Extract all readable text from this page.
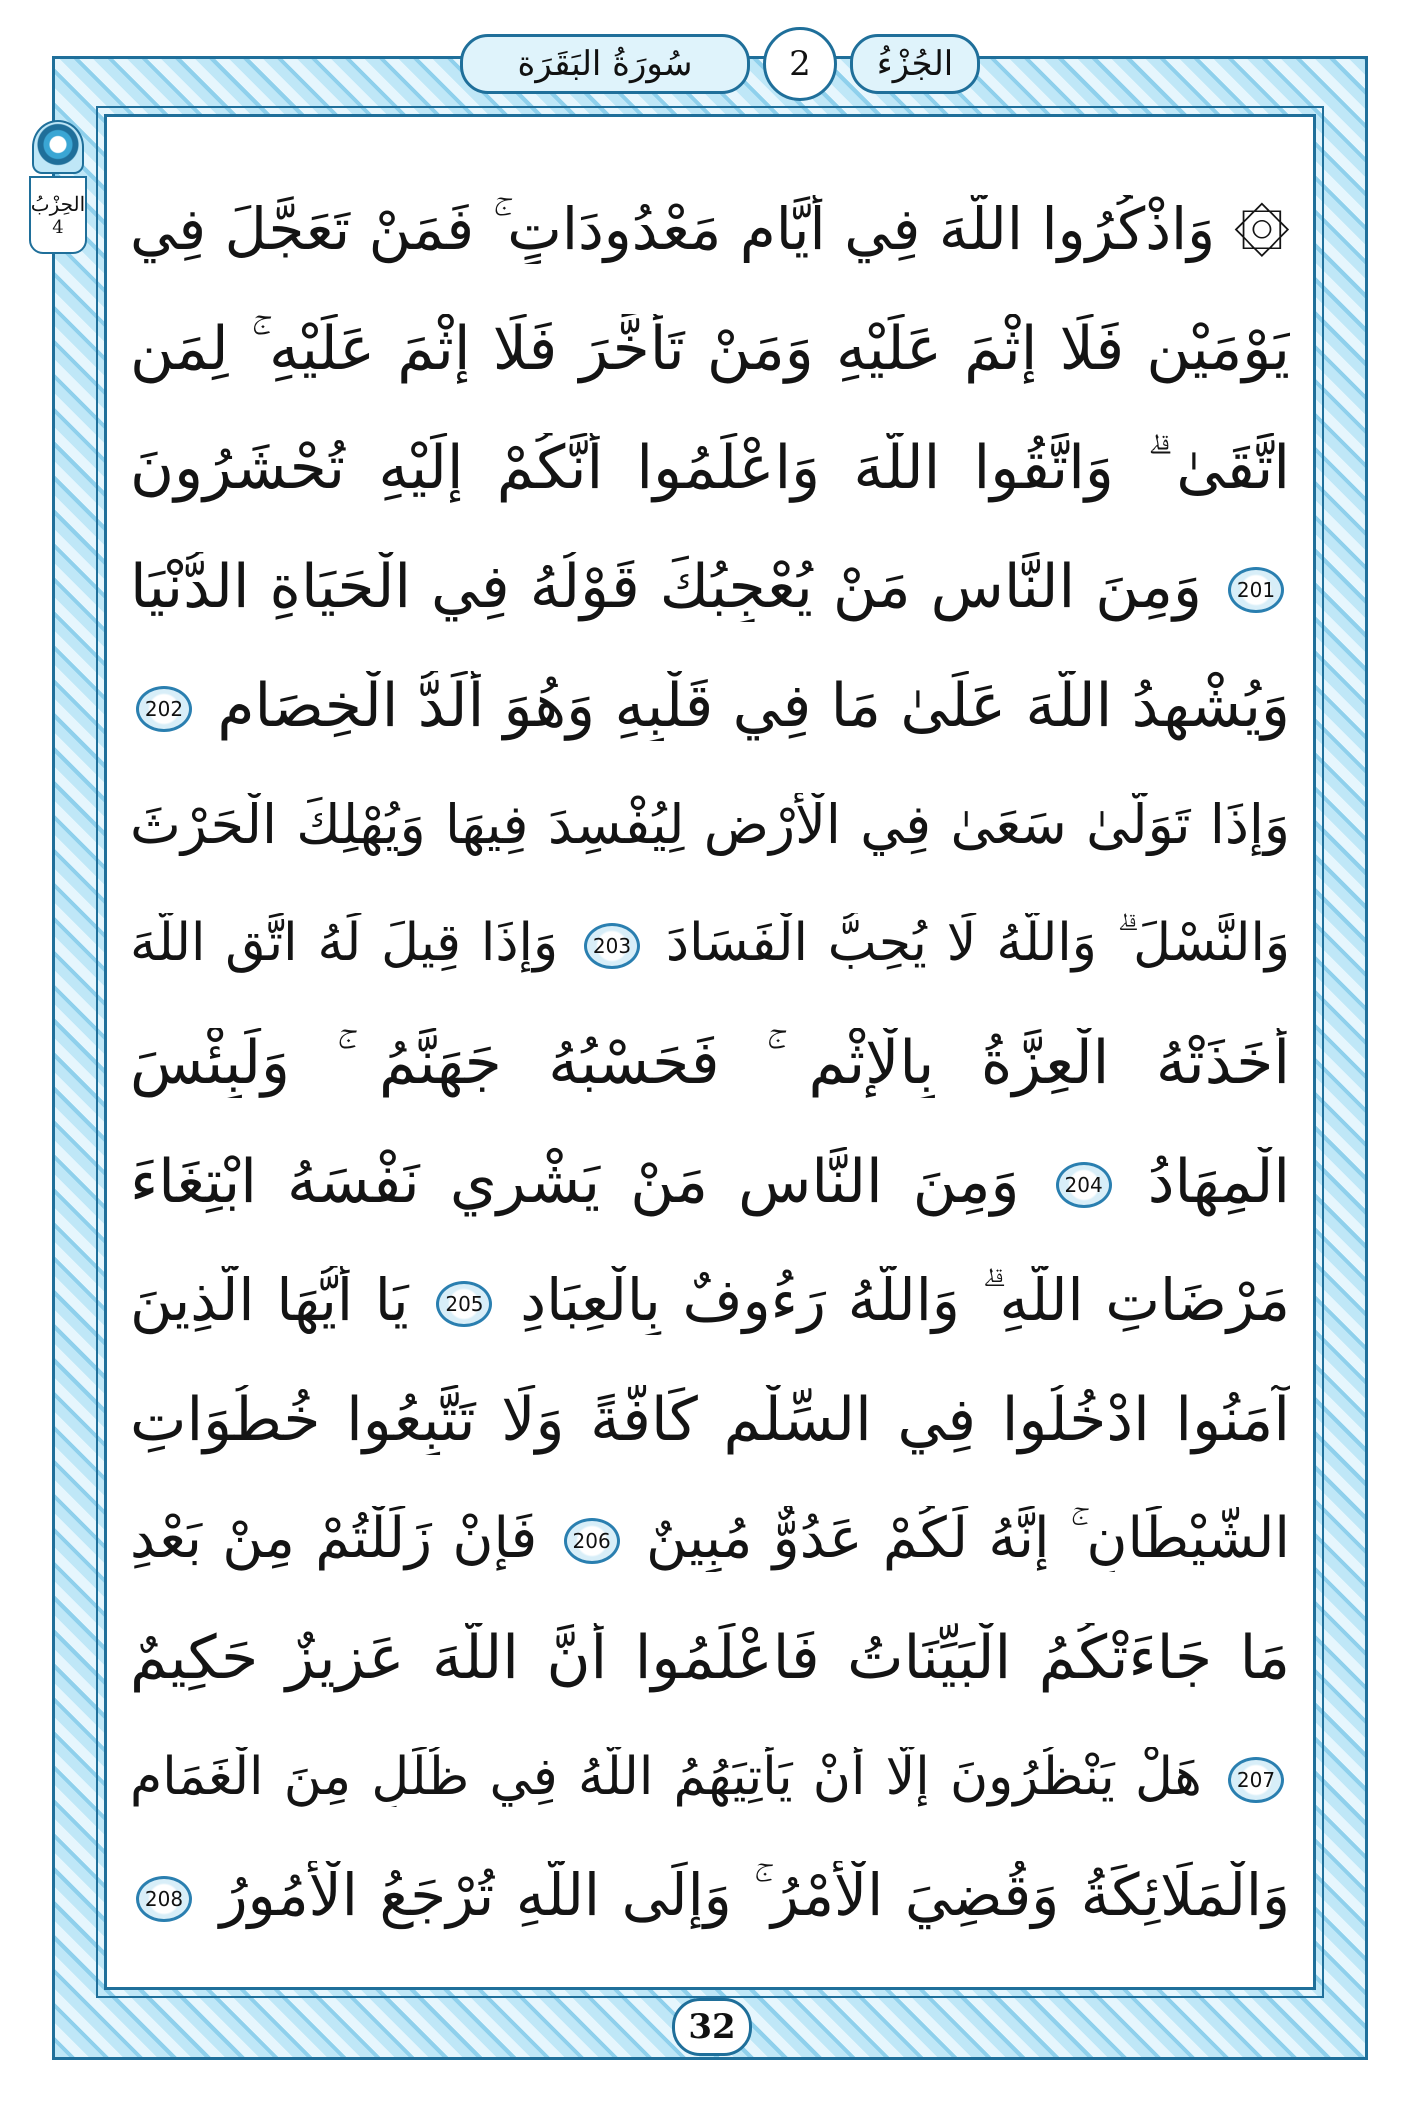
سُورَةُ البَقَرَة	2 الجُزْءُ
الحِزْبُ
4 ۞ وَاذْكُرُوا اللَّهَ فِي أَيَّامٍ مَعْدُودَاتٍ ۚ فَمَنْ تَعَجَّلَ فِي
يَوْمَيْنِ فَلَا إِثْمَ عَلَيْهِ وَمَنْ تَأَخَّرَ فَلَا إِثْمَ عَلَيْهِ ۚ لِمَنِ
اتَّقَىٰ ۗ وَاتَّقُوا اللَّهَ وَاعْلَمُوا أَنَّكُمْ إِلَيْهِ تُحْشَرُونَ
201 وَمِنَ النَّاسِ مَنْ يُعْجِبُكَ قَوْلُهُ فِي الْحَيَاةِ الدُّنْيَا
وَيُشْهِدُ اللَّهَ عَلَىٰ مَا فِي قَلْبِهِ وَهُوَ أَلَدُّ الْخِصَامِ 202
وَإِذَا تَوَلَّىٰ سَعَىٰ فِي الْأَرْضِ لِيُفْسِدَ فِيهَا وَيُهْلِكَ الْحَرْثَ
وَالنَّسْلَ ۗ وَاللَّهُ لَا يُحِبُّ الْفَسَادَ 203 وَإِذَا قِيلَ لَهُ اتَّقِ اللَّهَ
أَخَذَتْهُ الْعِزَّةُ بِالْإِثْمِ ۚ فَحَسْبُهُ جَهَنَّمُ ۚ وَلَبِئْسَ
الْمِهَادُ 204 وَمِنَ النَّاسِ مَنْ يَشْرِي نَفْسَهُ ابْتِغَاءَ
مَرْضَاتِ اللَّهِ ۗ وَاللَّهُ رَءُوفٌ بِالْعِبَادِ 205 يَا أَيُّهَا الَّذِينَ
آمَنُوا ادْخُلُوا فِي السِّلْمِ كَافَّةً وَلَا تَتَّبِعُوا خُطُوَاتِ
الشَّيْطَانِ ۚ إِنَّهُ لَكُمْ عَدُوٌّ مُبِينٌ 206 فَإِنْ زَلَلْتُمْ مِنْ بَعْدِ
مَا جَاءَتْكُمُ الْبَيِّنَاتُ فَاعْلَمُوا أَنَّ اللَّهَ عَزِيزٌ حَكِيمٌ
207 هَلْ يَنْظُرُونَ إِلَّا أَنْ يَأْتِيَهُمُ اللَّهُ فِي ظُلَلٍ مِنَ الْغَمَامِ
وَالْمَلَائِكَةُ وَقُضِيَ الْأَمْرُ ۚ وَإِلَى اللَّهِ تُرْجَعُ الْأُمُورُ 208
32
